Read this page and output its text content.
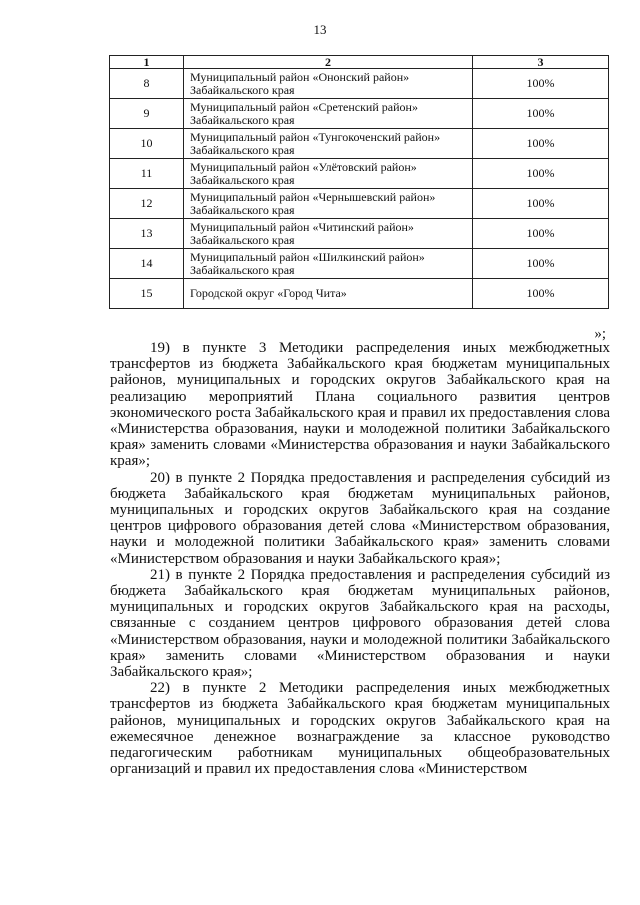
13
1	2	3
8	Муниципальный район «Ононский район»
Забайкальского края	100%
9	Муниципальный район «Сретенский район»
Забайкальского края	100%
10	Муниципальный район «Тунгокоченский район»
Забайкальского края	100%
11	Муниципальный район «Улётовский район»
Забайкальского края	100%
12	Муниципальный район «Чернышевский район»
Забайкальского края	100%
13	Муниципальный район «Читинский район»
Забайкальского края	100%
14	Муниципальный район «Шилкинский район»
Забайкальского края	100%
15	Городской округ «Город Чита»	100%
»;

19) в пункте 3 Методики распределения иных межбюджетных трансфертов из бюджета Забайкальского края бюджетам муниципальных районов, муниципальных и городских округов Забайкальского края на реализацию мероприятий Плана социального развития центров экономического роста Забайкальского края и правил их предоставления слова «Министерства образования, науки и молодежной политики Забайкальского края» заменить словами «Министерства образования и науки Забайкальского края»;

20) в пункте 2 Порядка предоставления и распределения субсидий из бюджета Забайкальского края бюджетам муниципальных районов, муниципальных и городских округов Забайкальского края на создание центров цифрового образования детей слова «Министерством образования, науки и молодежной политики Забайкальского края» заменить словами «Министерством образования и науки Забайкальского края»;

21) в пункте 2 Порядка предоставления и распределения субсидий из бюджета Забайкальского края бюджетам муниципальных районов, муниципальных и городских округов Забайкальского края на расходы, связанные с созданием центров цифрового образования детей слова «Министерством образования, науки и молодежной политики Забайкальского края» заменить словами «Министерством образования и науки Забайкальского края»;

22) в пункте 2 Методики распределения иных межбюджетных трансфертов из бюджета Забайкальского края бюджетам муниципальных районов, муниципальных и городских округов Забайкальского края на ежемесячное денежное вознаграждение за классное руководство педагогическим работникам муниципальных общеобразовательных организаций и правил их предоставления слова «Министерством
